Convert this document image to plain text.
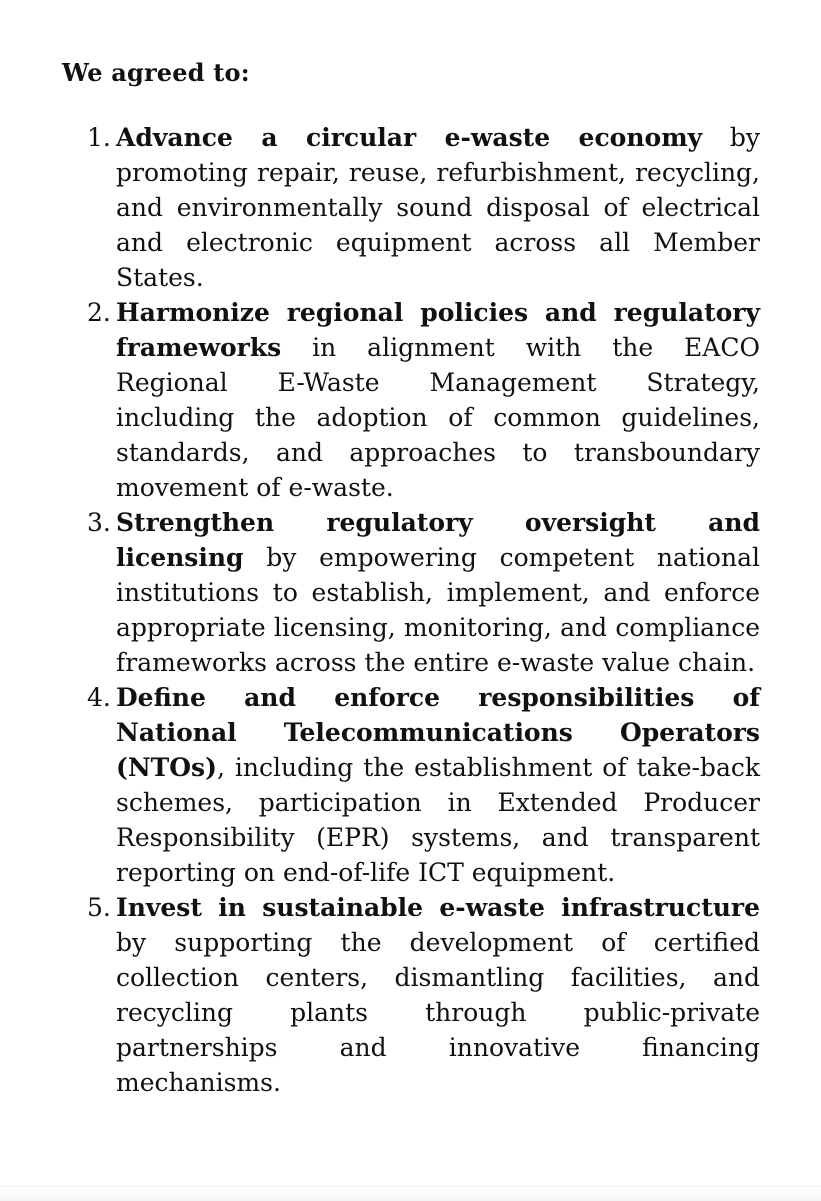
We agreed to:

1. Advance a circular e-waste economy by promoting repair, reuse, refurbishment, recycling, and environmentally sound disposal of electrical and electronic equipment across all Member States.
2. Harmonize regional policies and regulatory frameworks in alignment with the EACO Regional E-Waste Management Strategy, including the adoption of common guidelines, standards, and approaches to transboundary movement of e-waste.
3. Strengthen regulatory oversight and licensing by empowering competent national institutions to establish, implement, and enforce appropriate licensing, monitoring, and compliance frameworks across the entire e-waste value chain.
4. Define and enforce responsibilities of National Telecommunications Operators (NTOs), including the establishment of take-back schemes, participation in Extended Producer Responsibility (EPR) systems, and transparent reporting on end-of-life ICT equipment.
5. Invest in sustainable e-waste infrastructure by supporting the development of certified collection centers, dismantling facilities, and recycling plants through public-private partnerships and innovative financing mechanisms.
